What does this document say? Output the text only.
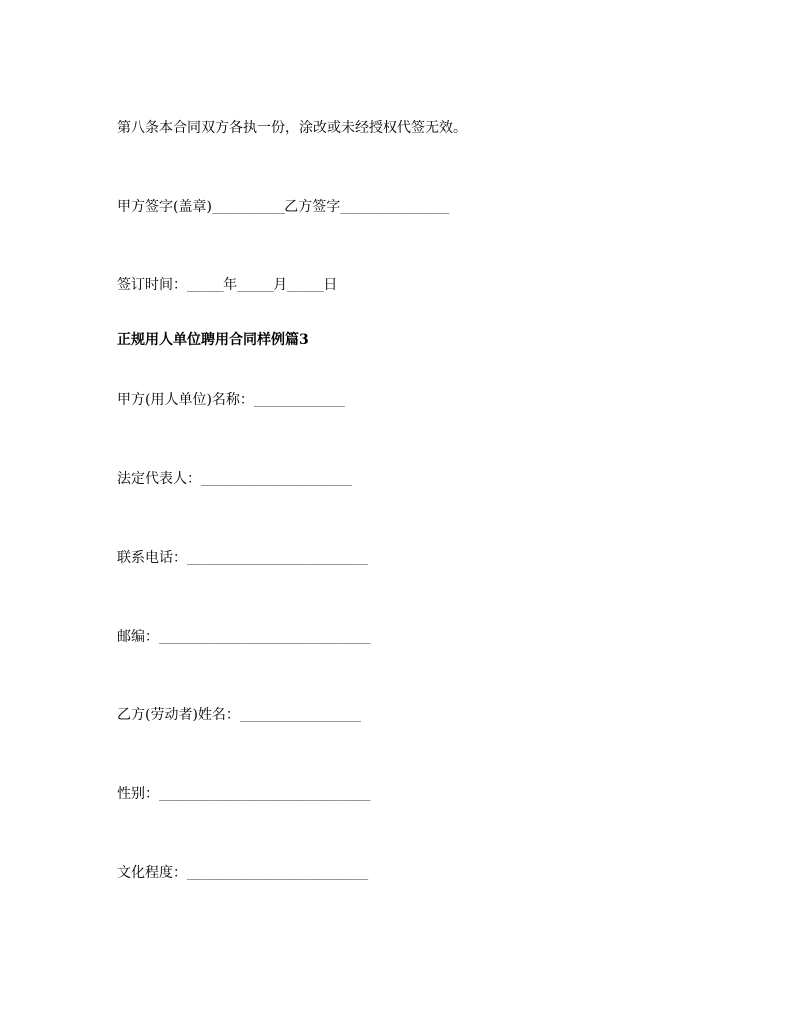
第八条本合同双方各执一份，涂改或未经授权代签无效。
甲方签字(盖章)____________乙方签字__________________
签订时间：______年______月______日
正规用人单位聘用合同样例篇3
甲方(用人单位)名称：_______________
法定代表人：_________________________
联系电话：______________________________
邮编：___________________________________
乙方(劳动者)姓名：____________________
性别：___________________________________
文化程度：______________________________
